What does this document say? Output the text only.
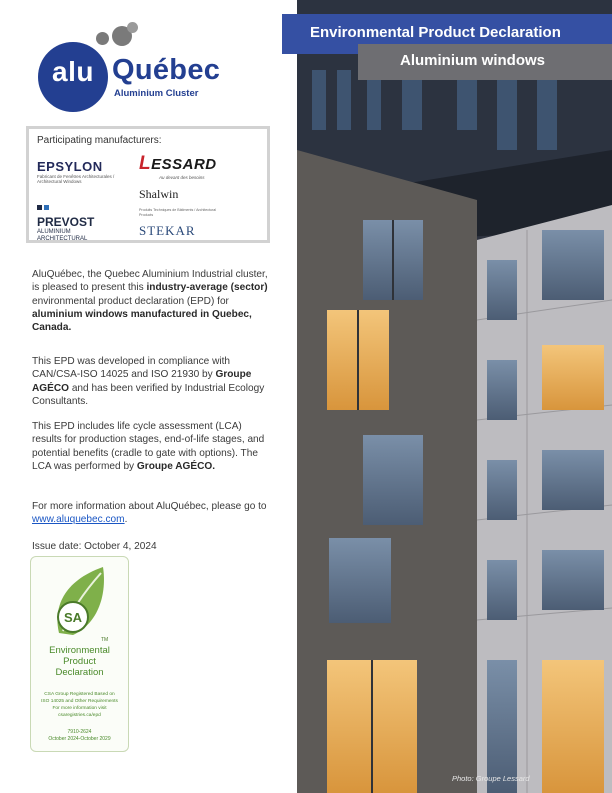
alu Québec
Aluminium Cluster
Participating manufacturers:
EPSYLON
Fabricant de Fenêtres Architecturales / Architectural Windows
LESSARD
Au devant des besoins
Shalwin
Produits Techniques de Bâtiments / Architectural Products
PREVOST
ALUMINIUM
ARCHITECTURAL
STEKAR
AluQuébec, the Quebec Aluminium Industrial cluster, is pleased to present this industry-average (sector) environmental product declaration (EPD) for aluminium windows manufactured in Quebec, Canada.
This EPD was developed in compliance with CAN/CSA-ISO 14025 and ISO 21930 by Groupe AGÉCO and has been verified by Industrial Ecology Consultants.
This EPD includes life cycle assessment (LCA) results for production stages, end-of-life stages, and potential benefits (cradle to gate with options). The LCA was performed by Groupe AGÉCO.
For more information about AluQuébec, please go to www.aluquebec.com.
Issue date: October 4, 2024
SA
TM
Environmental
Product
Declaration
CSA Group Registered Based on
ISO 14025 and Other Requirements
For more information visit
csaregistries.ca/epd
7910-2624
October 2024-October 2029
Environmental Product Declaration
Aluminium windows
Photo: Groupe Lessard
